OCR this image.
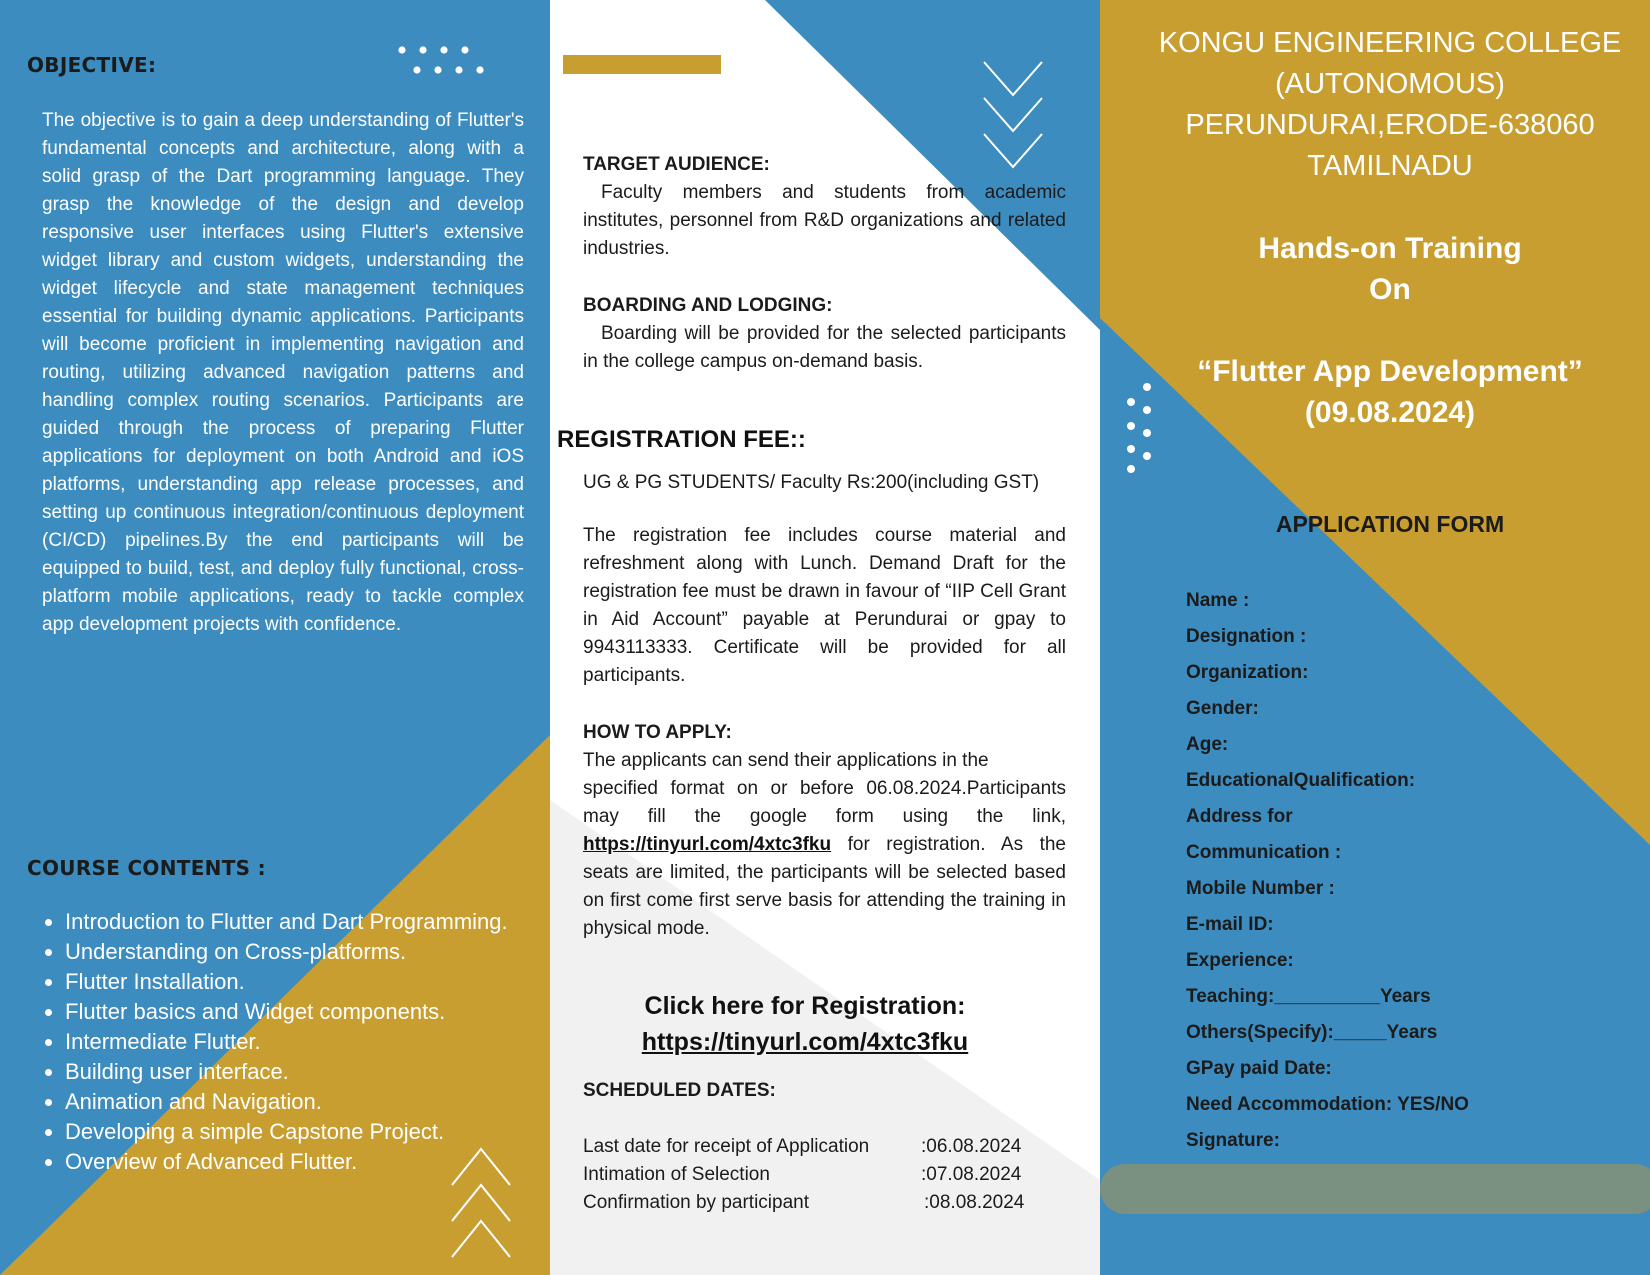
OBJECTIVE:
The objective is to gain a deep understanding of Flutter's fundamental concepts and architecture, along with a solid grasp of the Dart programming language. They grasp the knowledge of the design and develop responsive user interfaces using Flutter's extensive widget library and custom widgets, understanding the widget lifecycle and state management techniques essential for building dynamic applications. Participants will become proficient in implementing navigation and routing, utilizing advanced navigation patterns and handling complex routing scenarios. Participants are guided through the process of preparing Flutter applications for deployment on both Android and iOS platforms, understanding app release processes, and setting up continuous integration/continuous deployment (CI/CD) pipelines.By the end participants will be equipped to build, test, and deploy fully functional, cross-platform mobile applications, ready to tackle complex app development projects with confidence.
COURSE CONTENTS :
• Introduction to Flutter and Dart Programming.
• Understanding on Cross-platforms.
• Flutter Installation.
• Flutter basics and Widget components.
• Intermediate Flutter.
• Building user interface.
• Animation and Navigation.
• Developing a simple Capstone Project.
• Overview of Advanced Flutter.
TARGET AUDIENCE:
Faculty members and students from academic institutes, personnel from R&D organizations and related industries.
BOARDING AND LODGING:
Boarding will be provided for the selected participants in the college campus on-demand basis.
REGISTRATION FEE::
UG & PG STUDENTS/ Faculty Rs:200(including GST)
The registration fee includes course material and refreshment along with Lunch. Demand Draft for the registration fee must be drawn in favour of “IIP Cell Grant in Aid Account” payable at Perundurai or gpay to 9943113333. Certificate will be provided for all participants.
HOW TO APPLY:
The applicants can send their applications in the
specified format on or before 06.08.2024.Participants may fill the google form using the link, https://tinyurl.com/4xtc3fku for registration. As the seats are limited, the participants will be selected based on first come first serve basis for attending the training in physical mode.
Click here for Registration:
https://tinyurl.com/4xtc3fku
SCHEDULED DATES:
Last date for receipt of Application	:06.08.2024
Intimation of Selection	:07.08.2024
Confirmation by participant	:08.08.2024
KONGU ENGINEERING COLLEGE
(AUTONOMOUS)
PERUNDURAI,ERODE-638060
TAMILNADU
Hands-on Training
On
“Flutter App Development”
(09.08.2024)
APPLICATION FORM
Name :
Designation :
Organization:
Gender:
Age:
EducationalQualification:
Address for
Communication :
Mobile Number :
E-mail ID:
Experience:
Teaching:__________Years
Others(Specify):_____Years
GPay paid Date:
Need Accommodation: YES/NO
Signature:
